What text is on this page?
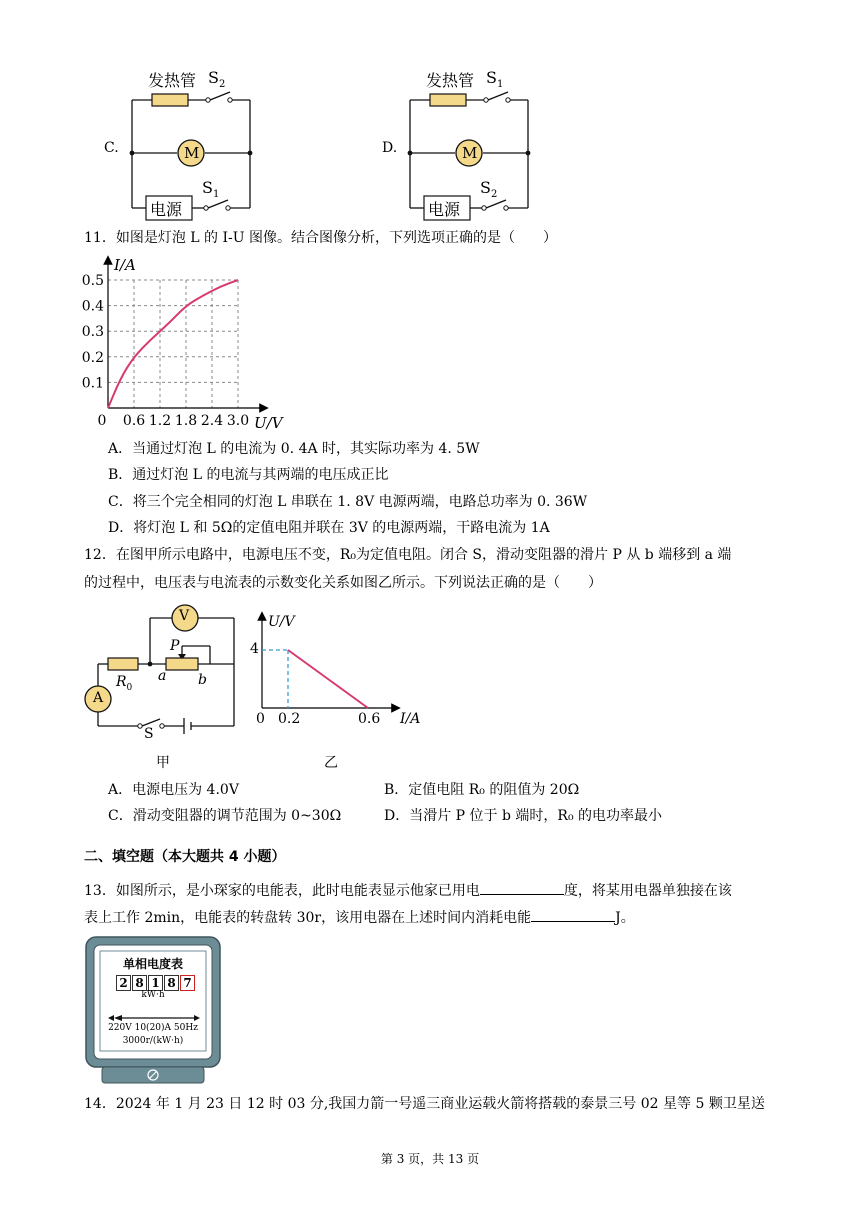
C.
发热管 $S_2$
M
电源
$S_1$
D.
发热管 $S_1$
M
电源
$S_2$
11．如图是灯泡 L 的 I-U 图像。结合图像分析，下列选项正确的是（　　）
0 0.6 1.2 1.8 2.4 3.0
0.1
0.2
0.3
0.4
0.5
I/A
U/V
A．当通过灯泡 L 的电流为 0. 4A 时，其实际功率为 4. 5W
B．通过灯泡 L 的电流与其两端的电压成正比
C．将三个完全相同的灯泡 L 串联在 1. 8V 电源两端，电路总功率为 0. 36W
D．将灯泡 L 和 5Ω的定值电阻并联在 3V 的电源两端，干路电流为 1A
12．在图甲所示电路中，电源电压不变，R₀为定值电阻。闭合 S，滑动变阻器的滑片 P 从 b 端移到 a 端
的过程中，电压表与电流表的示数变化关系如图乙所示。下列说法正确的是（　　）
V
A
$R_0$
P
a b
S
甲
U/V
4
0 0.2	0.6 I/A
乙
A．电源电压为 4.0V	B．定值电阻 R₀ 的阻值为 20Ω
C．滑动变阻器的调节范围为 0~30Ω	D．当滑片 P 位于 b 端时，R₀ 的电功率最小
二、填空题（本大题共 4 小题）
13．如图所示，是小琛家的电能表，此时电能表显示他家已用电	度，将某用电器单独接在该
表上工作 2min，电能表的转盘转 30r，该用电器在上述时间内消耗电能	J。
单相电度表
2 8 1 8 7
kW·h
220V 10(20)A 50Hz
3000r/(kW·h)
14．2024 年 1 月 23 日 12 时 03 分,我国力箭一号遥三商业运载火箭将搭载的泰景三号 02 星等 5 颗卫星送
第 3 页，共 13 页
